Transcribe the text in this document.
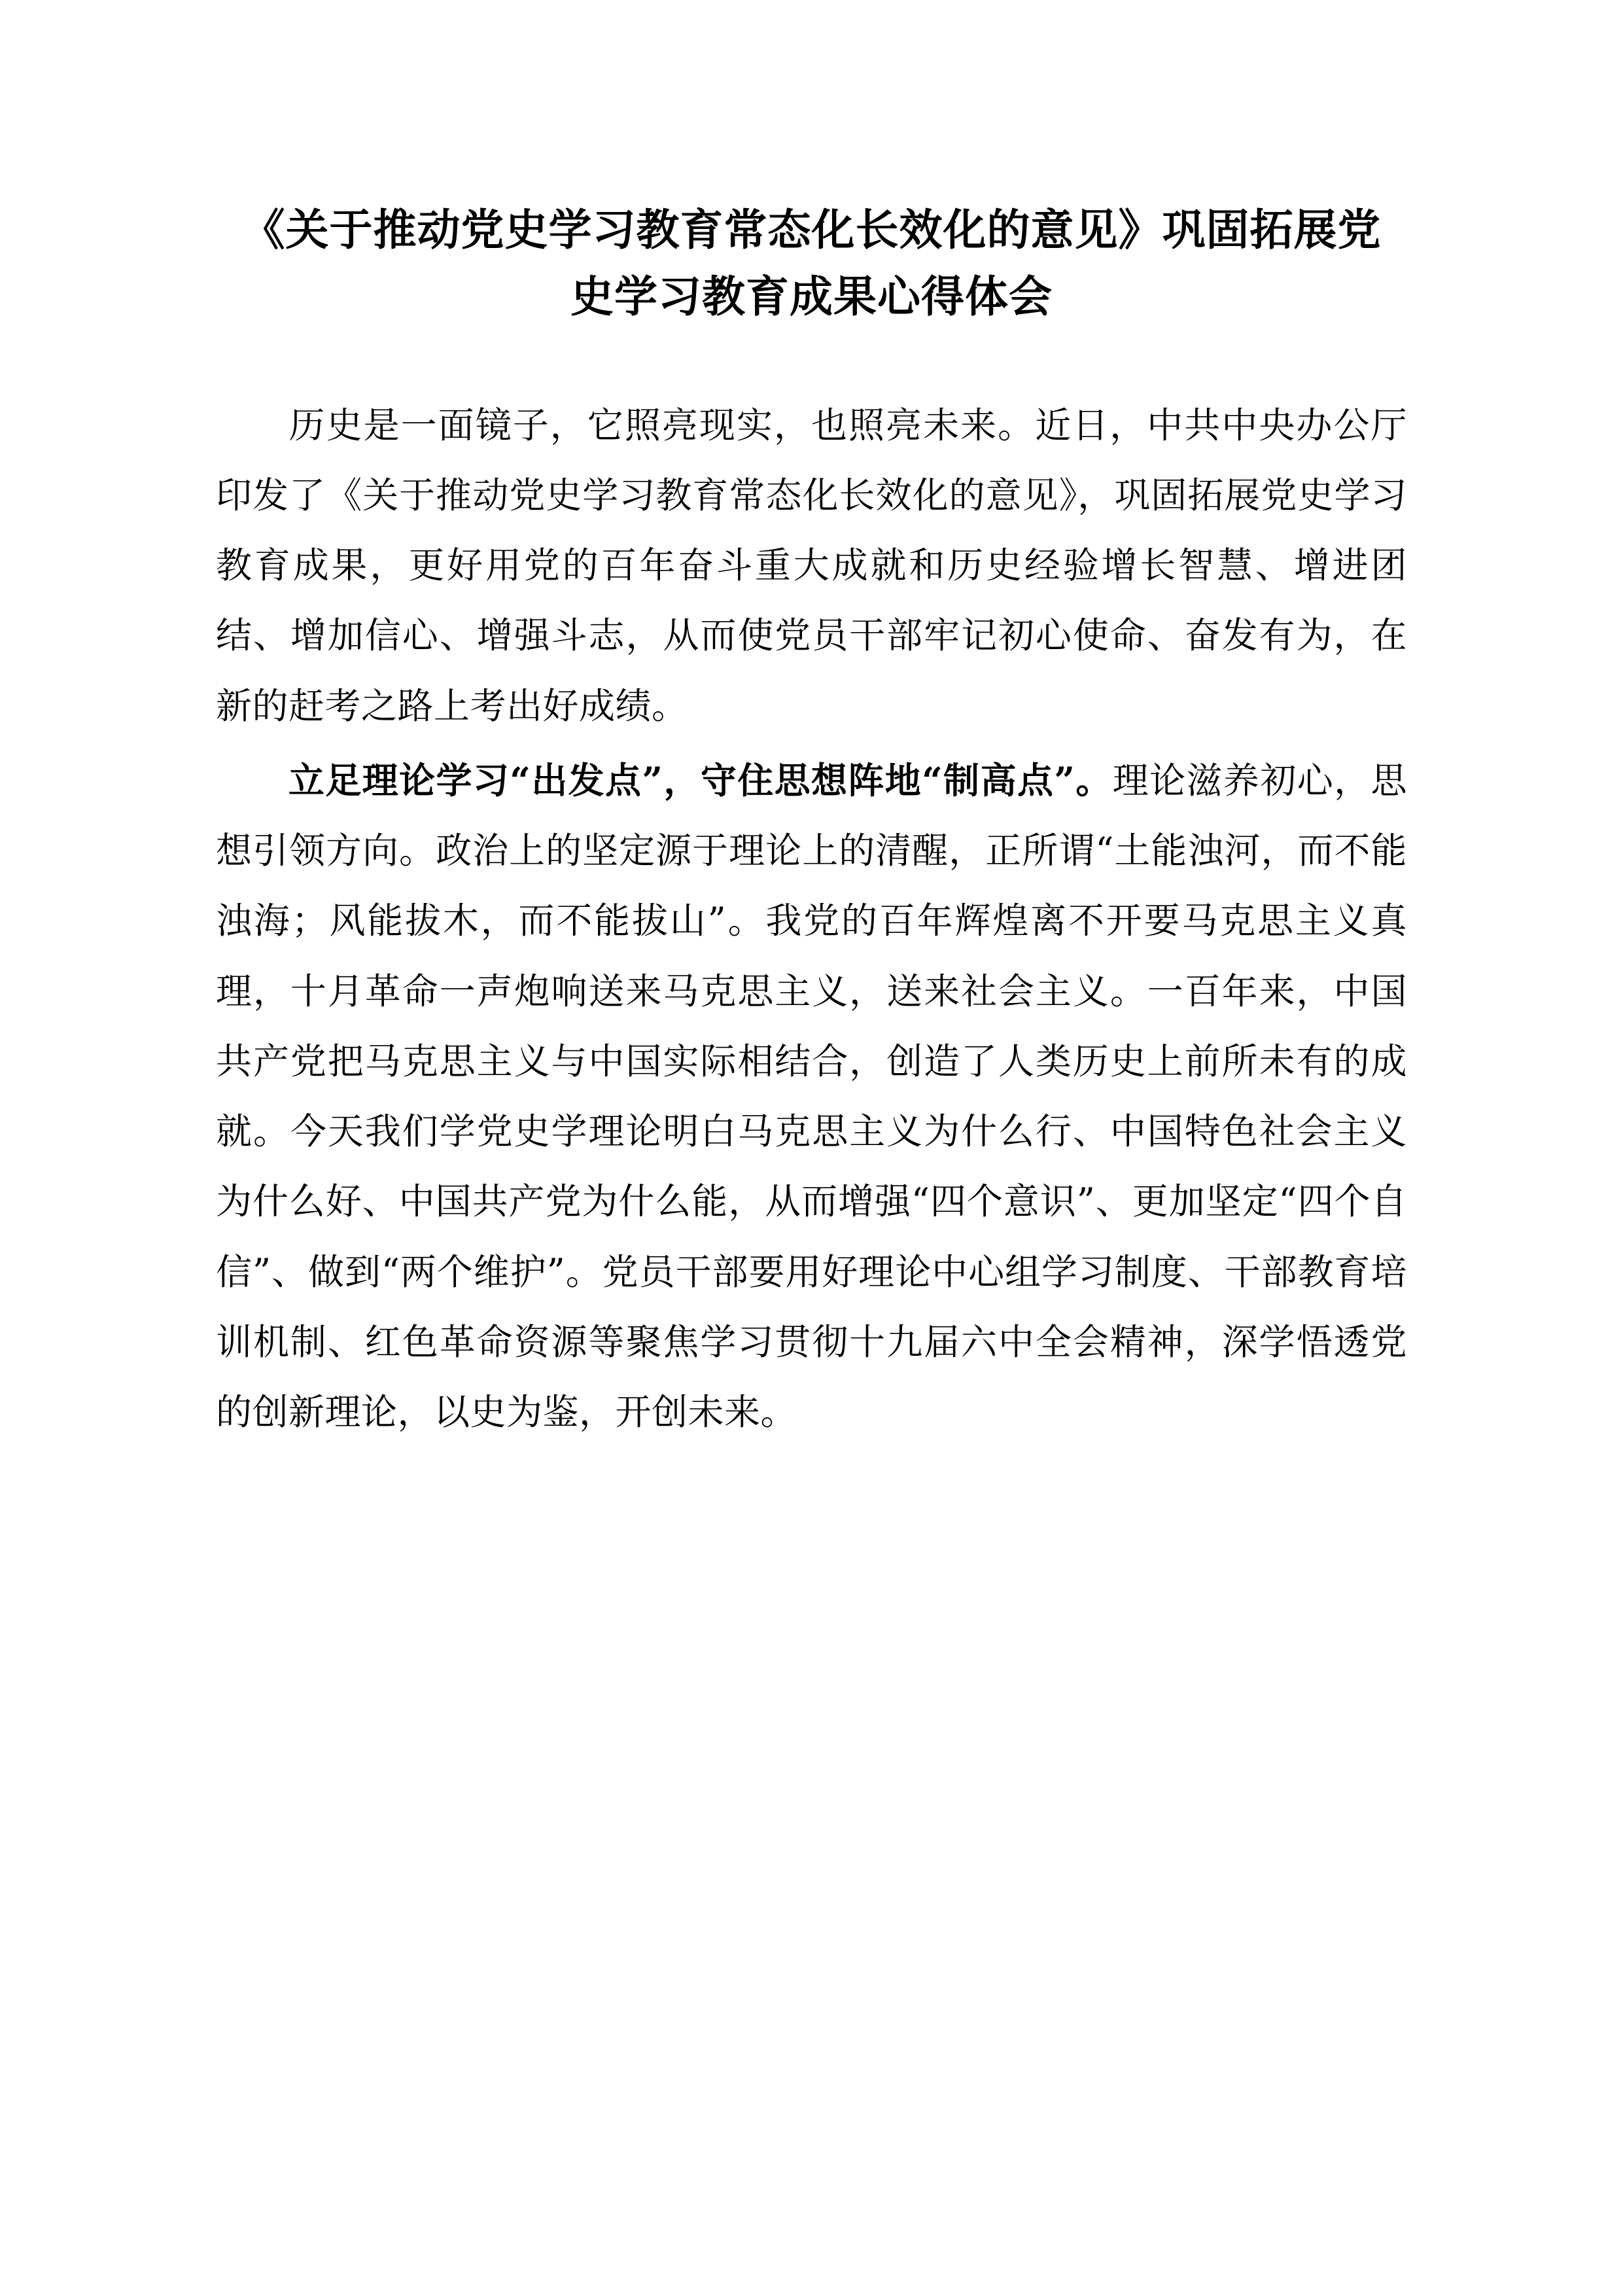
《关于推动党史学习教育常态化长效化的意见》巩固拓展党史学习教育成果心得体会

历史是一面镜子，它照亮现实，也照亮未来。近日，中共中央办公厅印发了《关于推动党史学习教育常态化长效化的意见》，巩固拓展党史学习教育成果，更好用党的百年奋斗重大成就和历史经验增长智慧、增进团结、增加信心、增强斗志，从而使党员干部牢记初心使命、奋发有为，在新的赶考之路上考出好成绩。

立足理论学习“出发点”，守住思想阵地“制高点”。理论滋养初心，思想引领方向。政治上的坚定源于理论上的清醒，正所谓“土能浊河，而不能浊海；风能拔木，而不能拔山”。我党的百年辉煌离不开要马克思主义真理，十月革命一声炮响送来马克思主义，送来社会主义。一百年来，中国共产党把马克思主义与中国实际相结合，创造了人类历史上前所未有的成就。今天我们学党史学理论明白马克思主义为什么行、中国特色社会主义为什么好、中国共产党为什么能，从而增强“四个意识”、更加坚定“四个自信”、做到“两个维护”。党员干部要用好理论中心组学习制度、干部教育培训机制、红色革命资源等聚焦学习贯彻十九届六中全会精神，深学悟透党的创新理论，以史为鉴，开创未来。
